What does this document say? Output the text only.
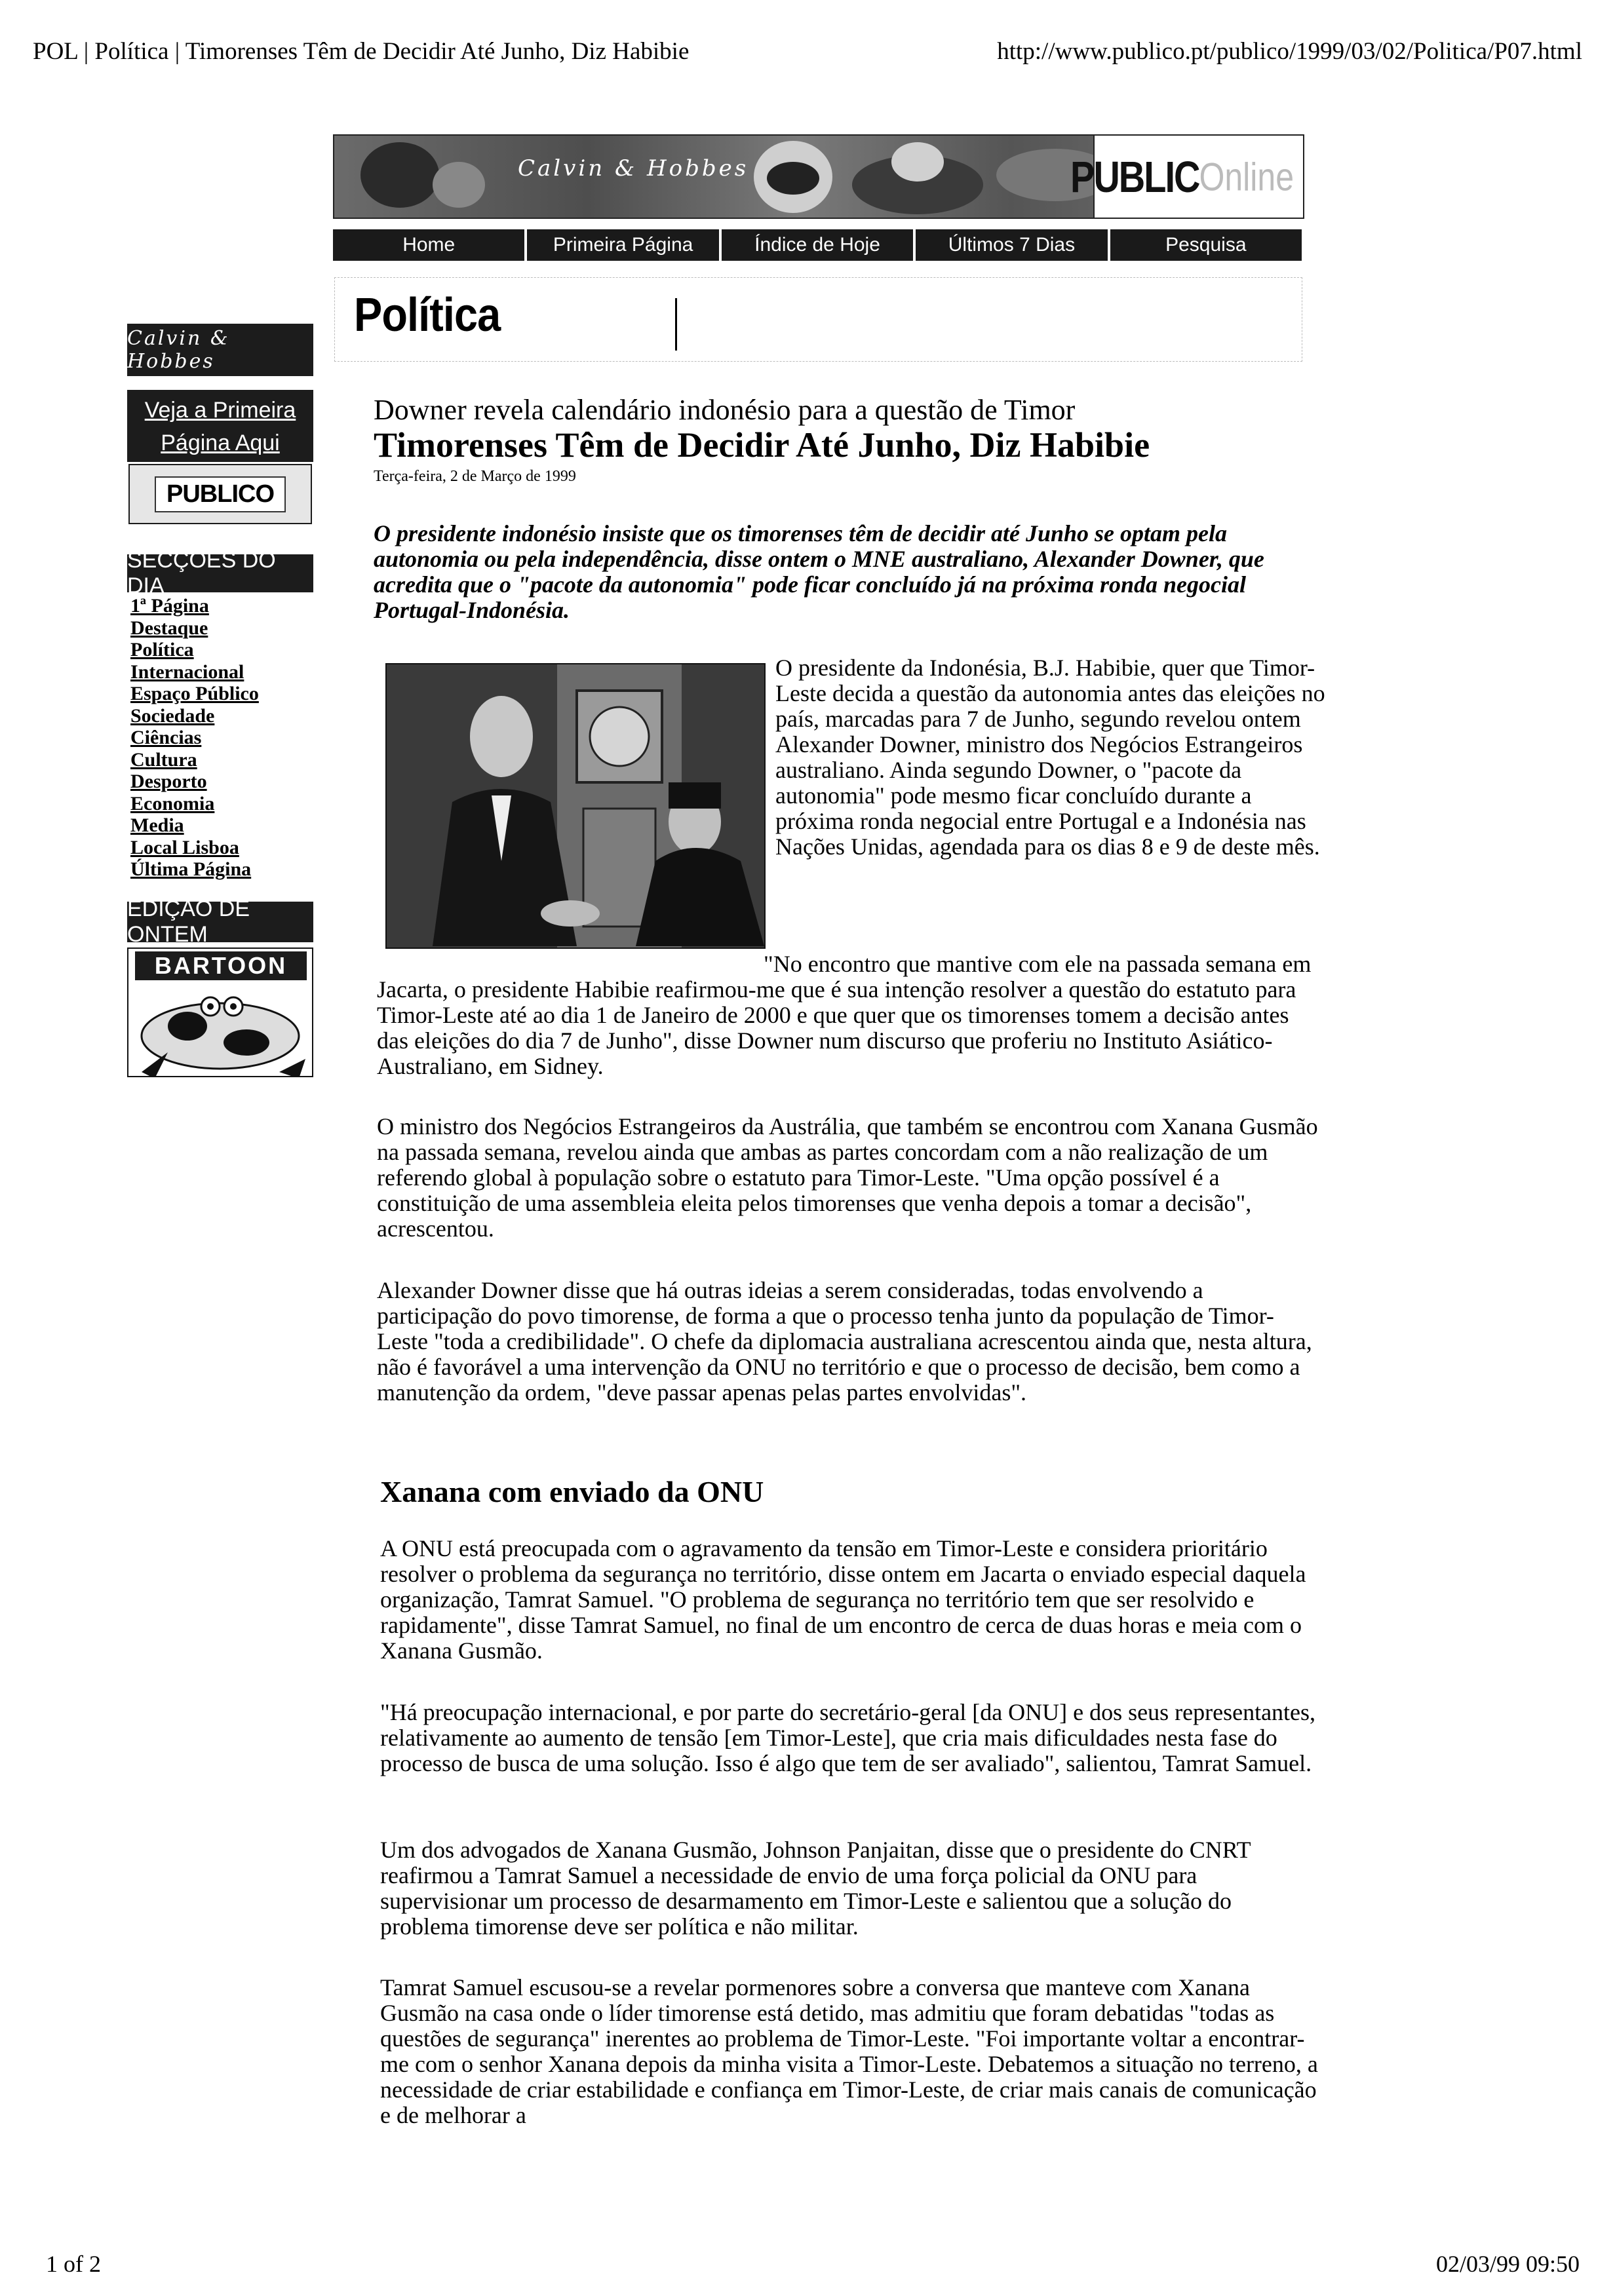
POL | Política | Timorenses Têm de Decidir Até Junho, Diz Habibie	http://www.publico.pt/publico/1999/03/02/Politica/P07.html
Calvin & Hobbes	PUBLIC Online
Home	Primeira Página	Índice de Hoje	Últimos 7 Dias	Pesquisa
Política
Calvin & Hobbes
Veja a Primeira
Página Aqui
PUBLICO
SECÇÕES DO DIA
1ª Página
Destaque
Política
Internacional
Espaço Público
Sociedade
Ciências
Cultura
Desporto
Economia
Media
Local Lisboa
Última Página
EDIÇÃO DE ONTEM
BARTOON
Downer revela calendário indonésio para a questão de Timor
Timorenses Têm de Decidir Até Junho, Diz Habibie
Terça-feira, 2 de Março de 1999
O presidente indonésio insiste que os timorenses têm de decidir até Junho se optam pela autonomia ou pela independência, disse ontem o MNE australiano, Alexander Downer, que acredita que o "pacote da autonomia" pode ficar concluído já na próxima ronda negocial Portugal-Indonésia.
O presidente da Indonésia, B.J. Habibie, quer que Timor-Leste decida a questão da autonomia antes das eleições no país, marcadas para 7 de Junho, segundo revelou ontem Alexander Downer, ministro dos Negócios Estrangeiros australiano. Ainda segundo Downer, o "pacote da autonomia" pode mesmo ficar concluído durante a próxima ronda negocial entre Portugal e a Indonésia nas Nações Unidas, agendada para os dias 8 e 9 de deste mês.
"No encontro que mantive com ele na passada semana em Jacarta, o presidente Habibie reafirmou-me que é sua intenção resolver a questão do estatuto para Timor-Leste até ao dia 1 de Janeiro de 2000 e que quer que os timorenses tomem a decisão antes das eleições do dia 7 de Junho", disse Downer num discurso que proferiu no Instituto Asiático-Australiano, em Sidney.
O ministro dos Negócios Estrangeiros da Austrália, que também se encontrou com Xanana Gusmão na passada semana, revelou ainda que ambas as partes concordam com a não realização de um referendo global à população sobre o estatuto para Timor-Leste. "Uma opção possível é a constituição de uma assembleia eleita pelos timorenses que venha depois a tomar a decisão", acrescentou.
Alexander Downer disse que há outras ideias a serem consideradas, todas envolvendo a participação do povo timorense, de forma a que o processo tenha junto da população de Timor-Leste "toda a credibilidade". O chefe da diplomacia australiana acrescentou ainda que, nesta altura, não é favorável a uma intervenção da ONU no território e que o processo de decisão, bem como a manutenção da ordem, "deve passar apenas pelas partes envolvidas".
Xanana com enviado da ONU
A ONU está preocupada com o agravamento da tensão em Timor-Leste e considera prioritário resolver o problema da segurança no território, disse ontem em Jacarta o enviado especial daquela organização, Tamrat Samuel. "O problema de segurança no território tem que ser resolvido e rapidamente", disse Tamrat Samuel, no final de um encontro de cerca de duas horas e meia com o Xanana Gusmão.
"Há preocupação internacional, e por parte do secretário-geral [da ONU] e dos seus representantes, relativamente ao aumento de tensão [em Timor-Leste], que cria mais dificuldades nesta fase do processo de busca de uma solução. Isso é algo que tem de ser avaliado", salientou, Tamrat Samuel.
Um dos advogados de Xanana Gusmão, Johnson Panjaitan, disse que o presidente do CNRT reafirmou a Tamrat Samuel a necessidade de envio de uma força policial da ONU para supervisionar um processo de desarmamento em Timor-Leste e salientou que a solução do problema timorense deve ser política e não militar.
Tamrat Samuel escusou-se a revelar pormenores sobre a conversa que manteve com Xanana Gusmão na casa onde o líder timorense está detido, mas admitiu que foram debatidas "todas as questões de segurança" inerentes ao problema de Timor-Leste. "Foi importante voltar a encontrar-me com o senhor Xanana depois da minha visita a Timor-Leste. Debatemos a situação no terreno, a necessidade de criar estabilidade e confiança em Timor-Leste, de criar mais canais de comunicação e de melhorar a
1 of 2	02/03/99 09:50
